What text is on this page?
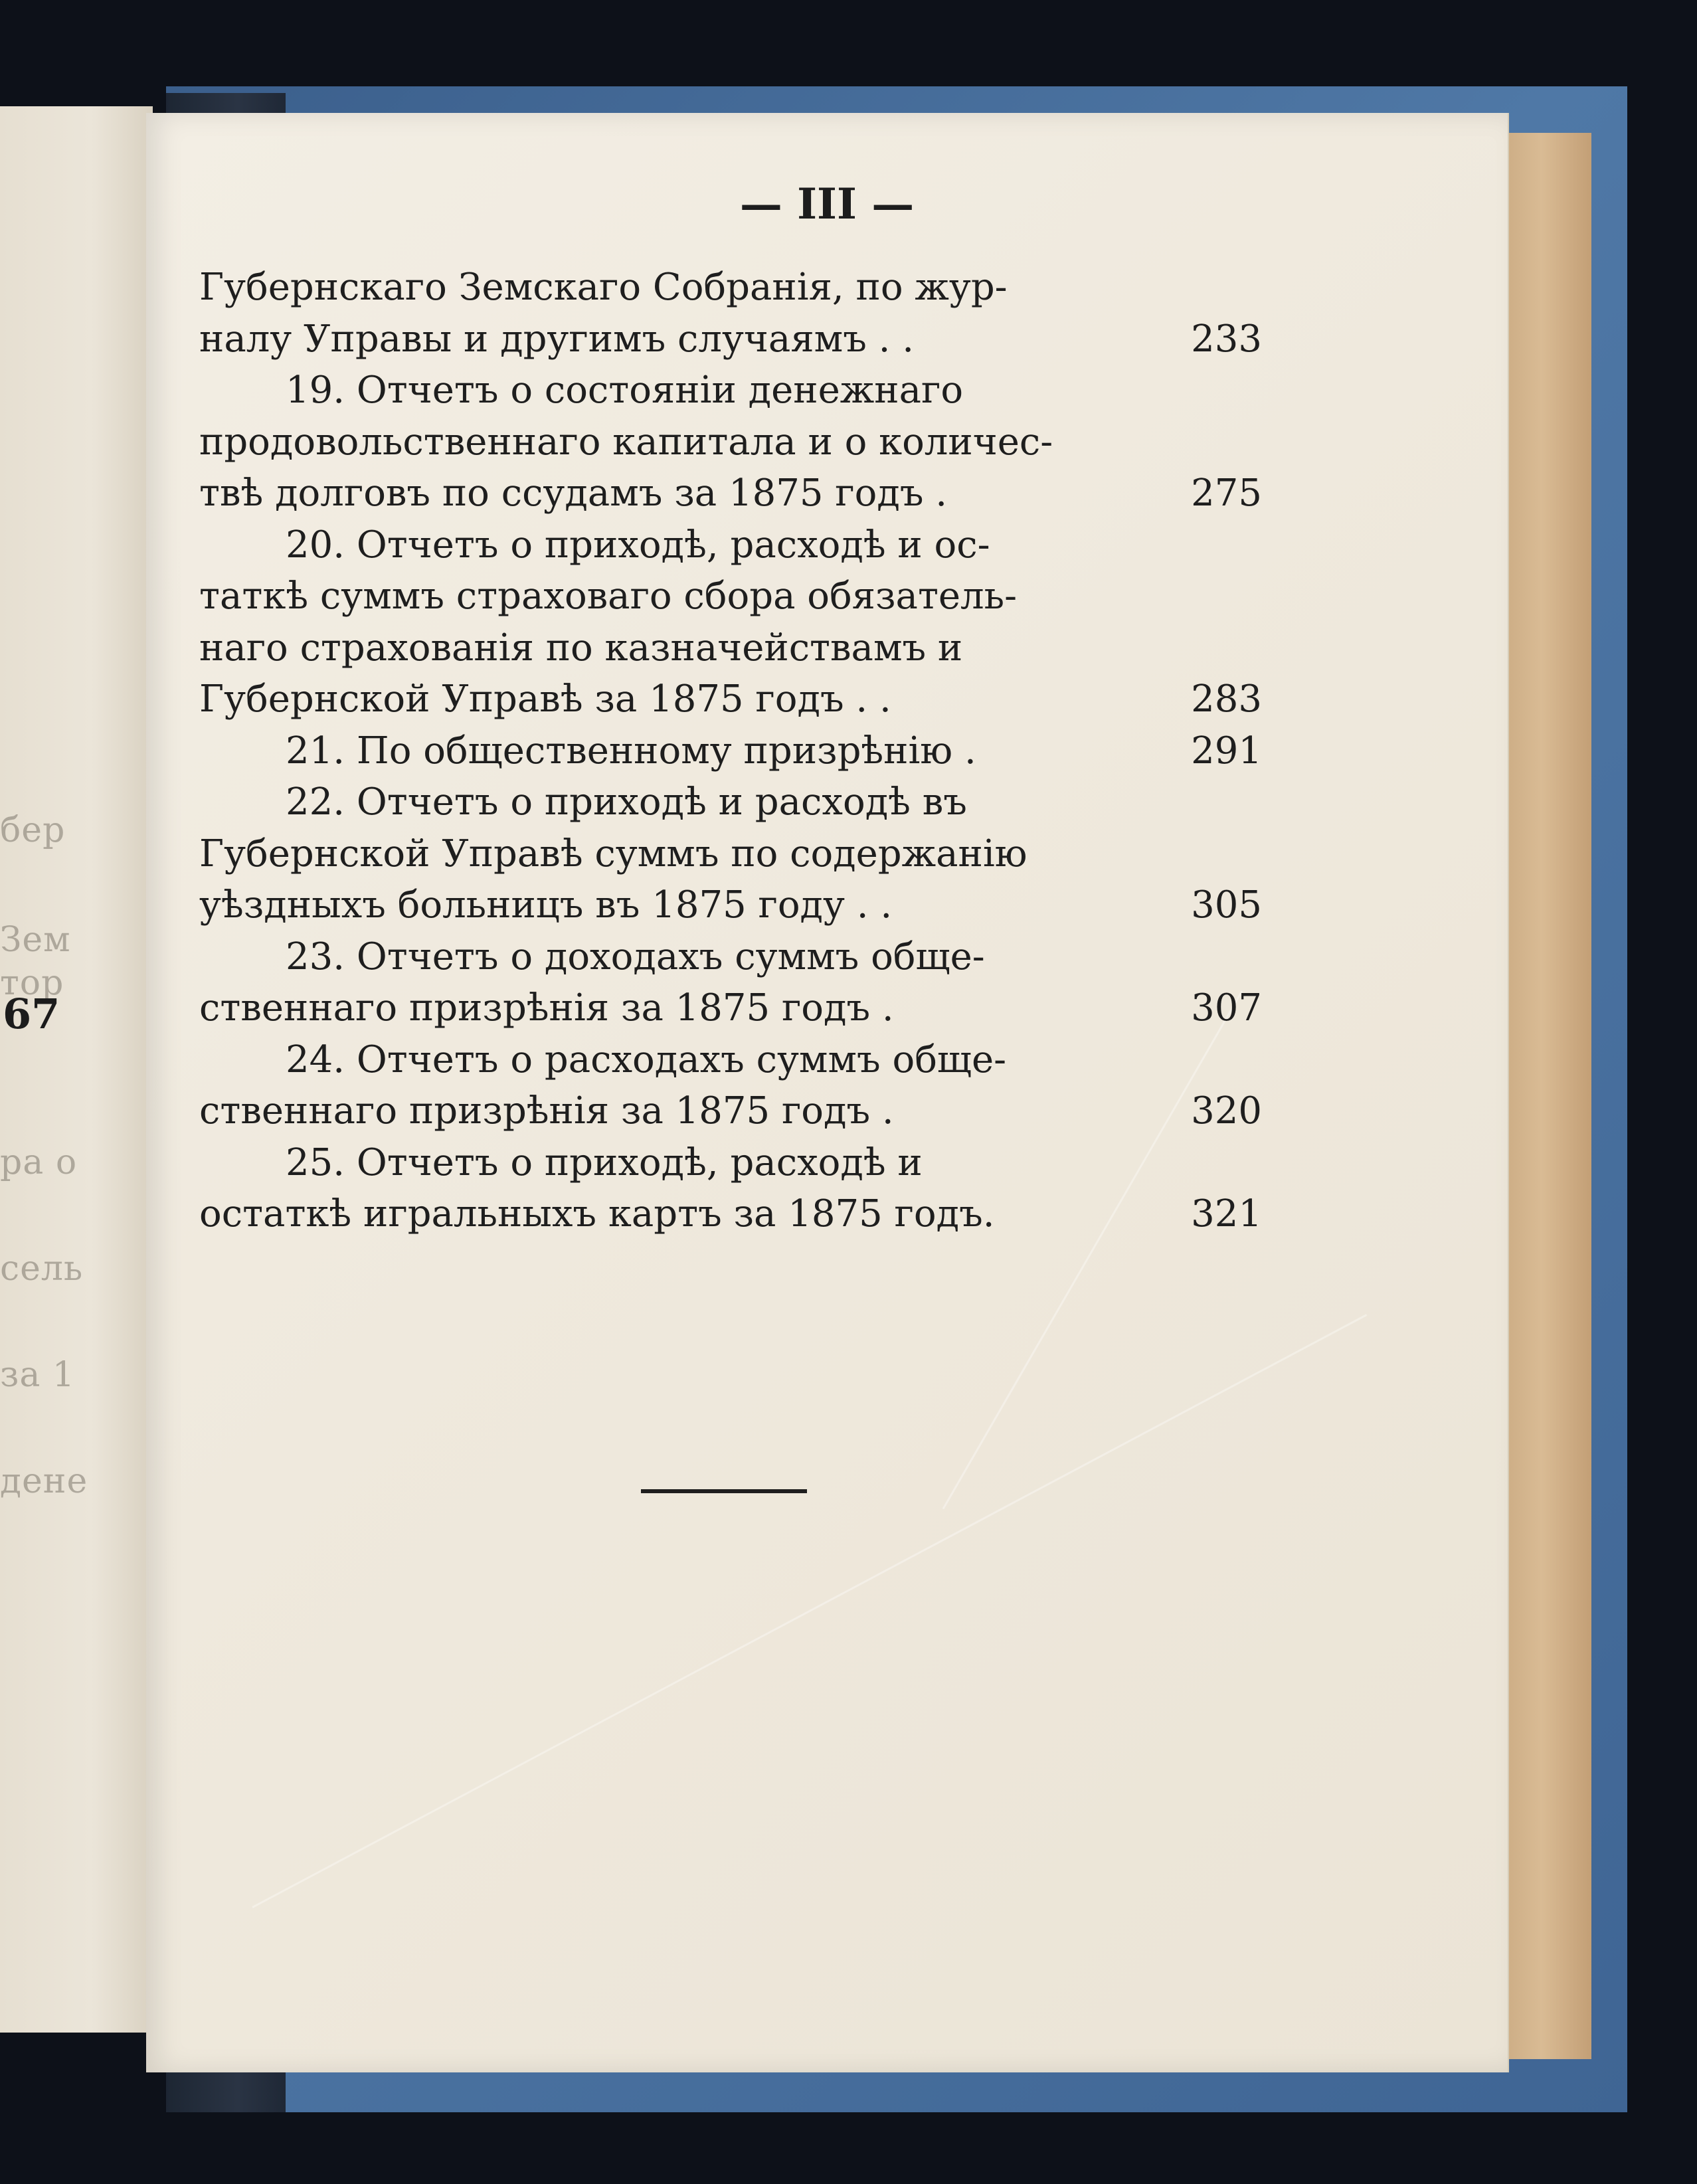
бер
Зем
тор
ра о
сель
за 1
дене
67
— III —
Губернскаго Земскаго Собранія, по жур-
налу Управы и другимъ случаямъ . .	233
19. Отчетъ о состояніи денежнаго
продовольственнаго капитала и о количес-
твѣ долговъ по ссудамъ за 1875 годъ .	275
20. Отчетъ о приходѣ, расходѣ и ос-
таткѣ суммъ страховаго сбора обязатель-
наго страхованія по казначействамъ и
Губернской Управѣ за 1875 годъ . .	283
21. По общественному призрѣнію .	291
22. Отчетъ о приходѣ и расходѣ въ
Губернской Управѣ суммъ по содержанію
уѣздныхъ больницъ въ 1875 году . .	305
23. Отчетъ о доходахъ суммъ обще-
ственнаго призрѣнія за 1875 годъ .	307
24. Отчетъ о расходахъ суммъ обще-
ственнаго призрѣнія за 1875 годъ .	320
25. Отчетъ о приходѣ, расходѣ и
остаткѣ игральныхъ картъ за 1875 годъ.	321
